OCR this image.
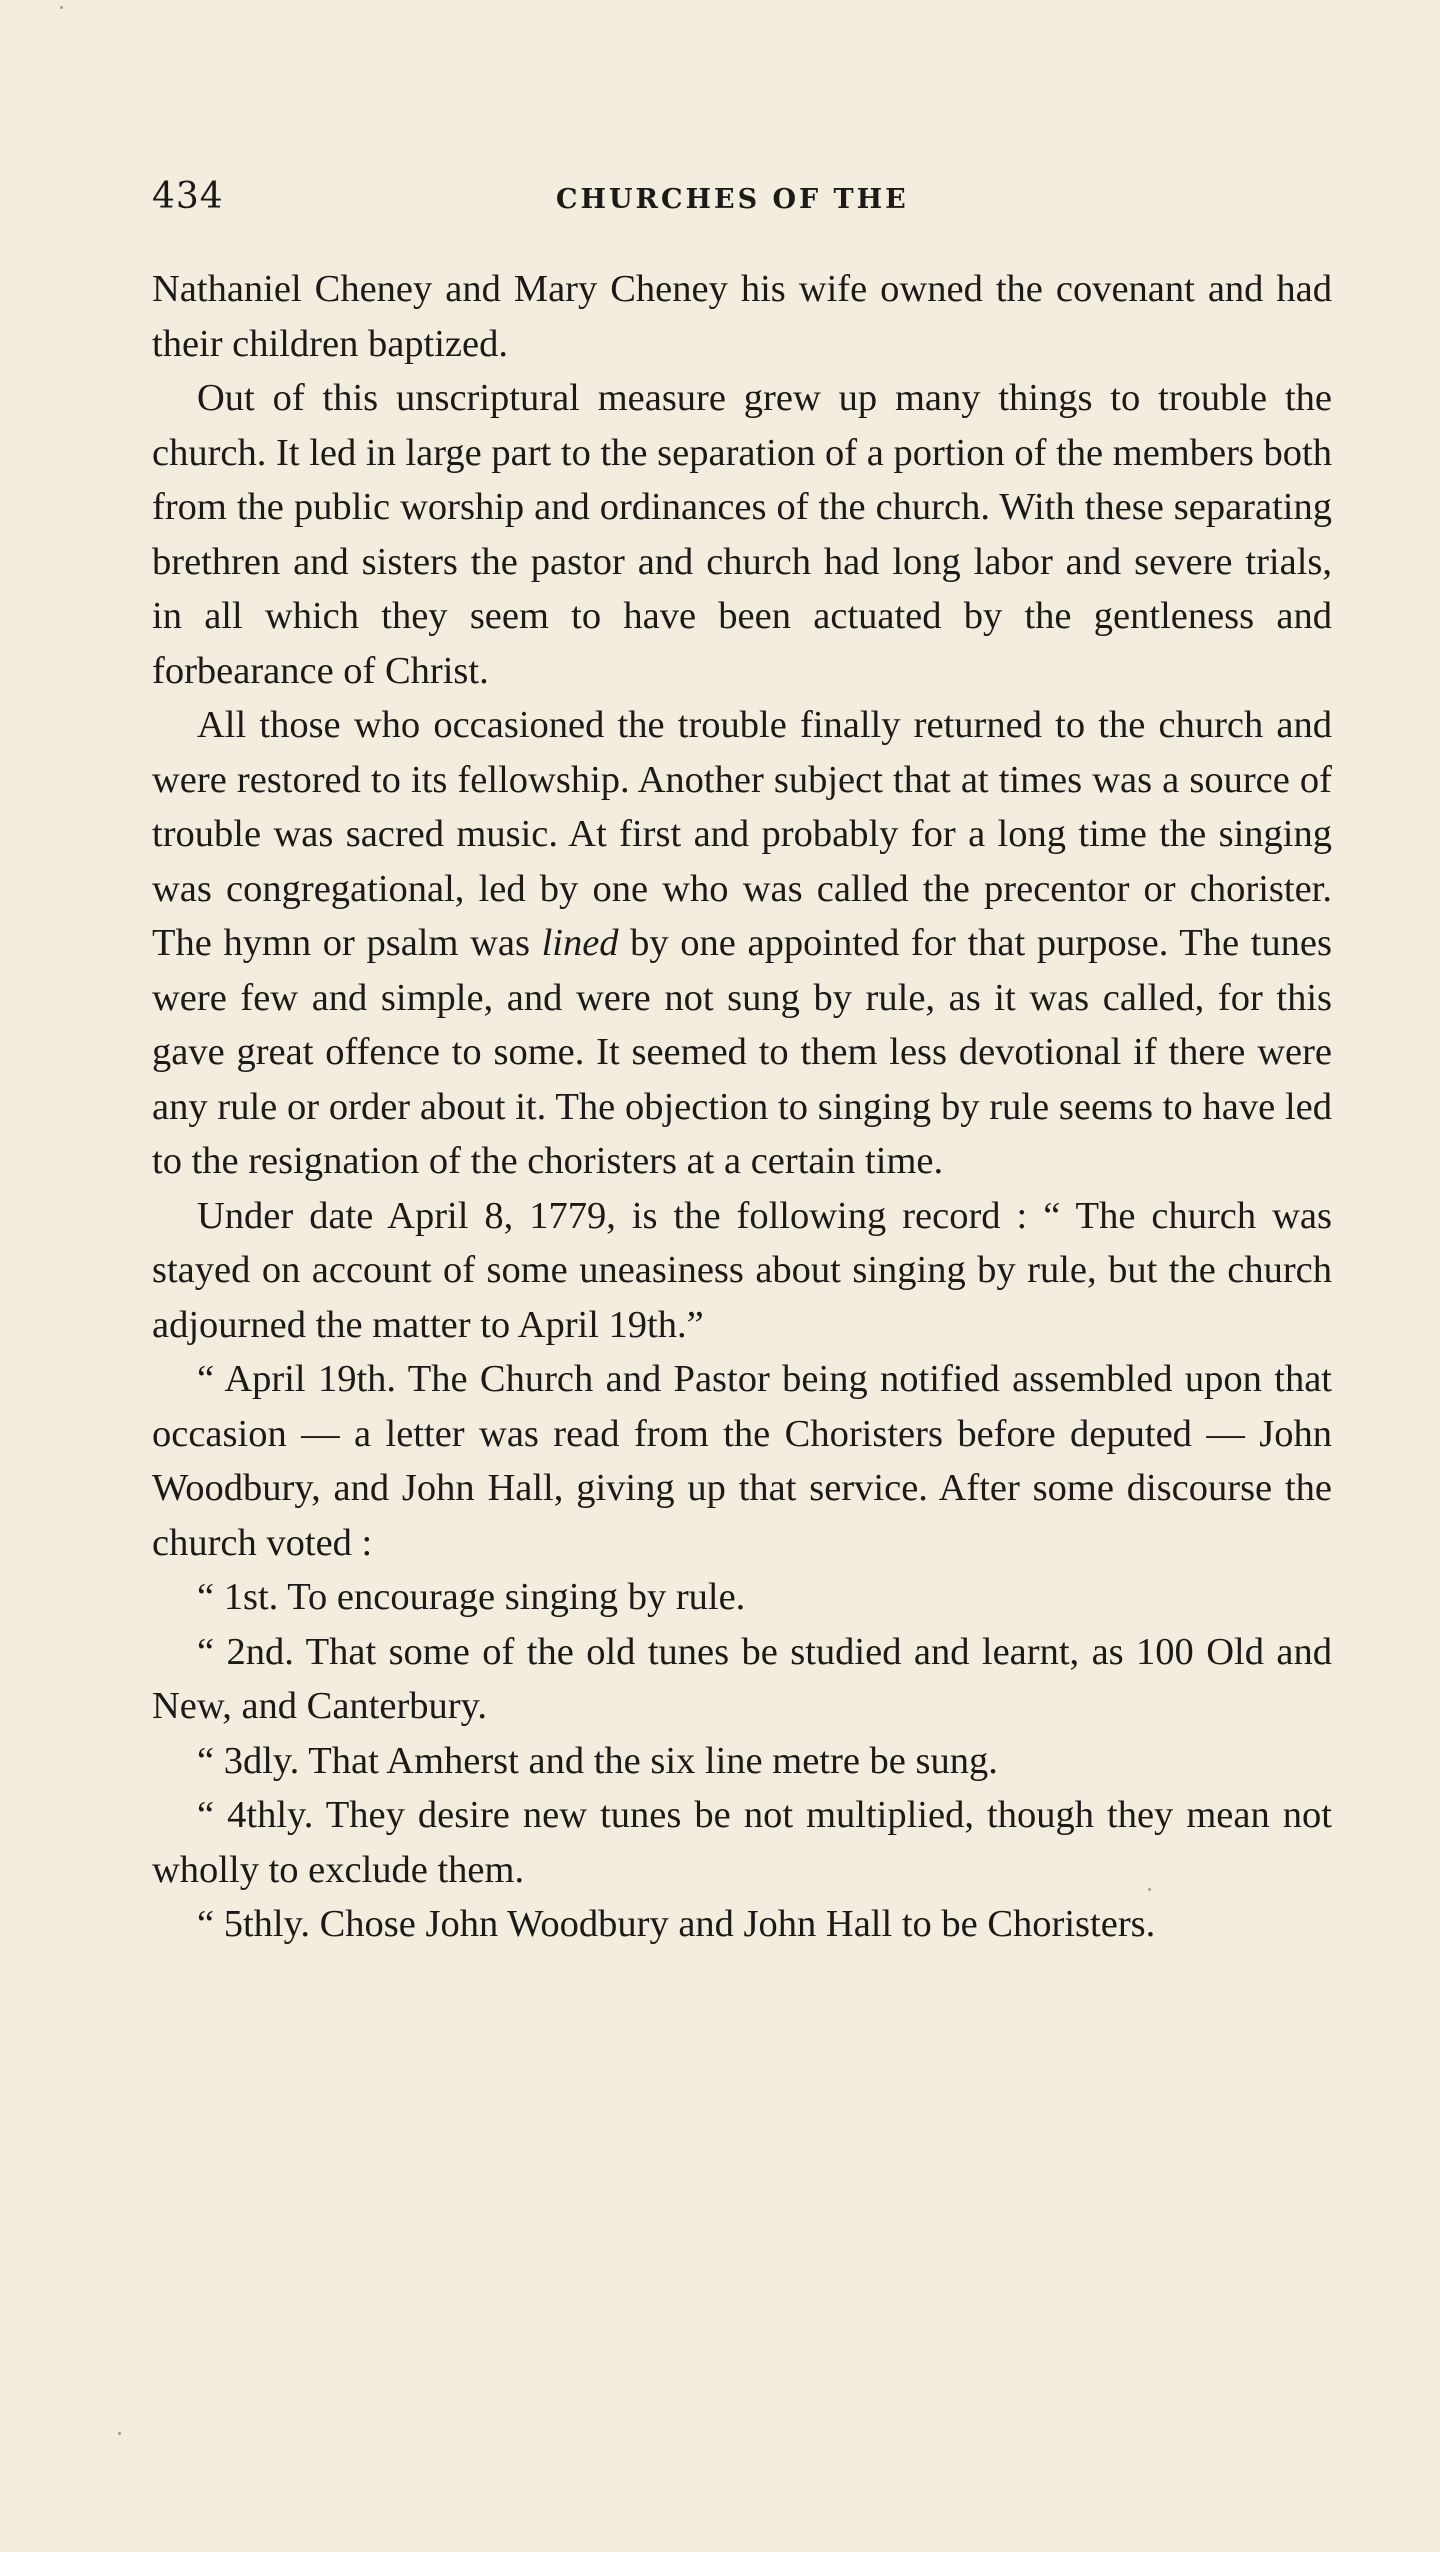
434	CHURCHES OF THE

Nathaniel Cheney and Mary Cheney his wife owned the covenant and had their children baptized.

Out of this unscriptural measure grew up many things to trouble the church. It led in large part to the separation of a portion of the members both from the public worship and ordinances of the church. With these separating brethren and sisters the pastor and church had long labor and severe trials, in all which they seem to have been actuated by the gentleness and forbearance of Christ.

All those who occasioned the trouble finally returned to the church and were restored to its fellowship. Another subject that at times was a source of trouble was sacred music. At first and probably for a long time the singing was congregational, led by one who was called the precentor or chorister. The hymn or psalm was lined by one appointed for that purpose. The tunes were few and simple, and were not sung by rule, as it was called, for this gave great offence to some. It seemed to them less devotional if there were any rule or order about it. The objection to singing by rule seems to have led to the resignation of the choristers at a certain time.

Under date April 8, 1779, is the following record : “ The church was stayed on account of some uneasiness about singing by rule, but the church adjourned the matter to April 19th.”

“ April 19th. The Church and Pastor being notified assembled upon that occasion — a letter was read from the Choristers before deputed — John Woodbury, and John Hall, giving up that service. After some discourse the church voted :

“ 1st. To encourage singing by rule.

“ 2nd. That some of the old tunes be studied and learnt, as 100 Old and New, and Canterbury.

“ 3dly. That Amherst and the six line metre be sung.

“ 4thly. They desire new tunes be not multiplied, though they mean not wholly to exclude them.

“ 5thly. Chose John Woodbury and John Hall to be Choristers.
